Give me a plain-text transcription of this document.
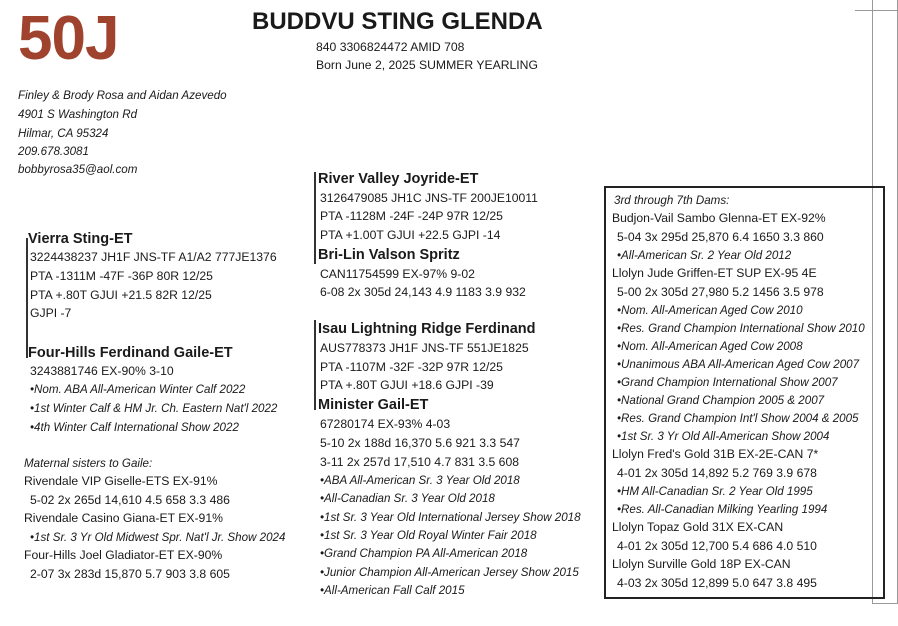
50J	BUDDVU STING GLENDA
840 3306824472 AMID 708
Born June 2, 2025 SUMMER YEARLING
Finley & Brody Rosa and Aidan Azevedo
4901 S Washington Rd
Hilmar, CA 95324
209.678.3081
bobbyrosa35@aol.com
Vierra Sting-ET
3224438237 JH1F JNS-TF A1/A2 777JE1376
PTA -1311M -47F -36P 80R 12/25
PTA +.80T GJUI +21.5 82R 12/25
GJPI -7
Four-Hills Ferdinand Gaile-ET
3243881746 EX-90% 3-10
•Nom. ABA All-American Winter Calf 2022
•1st Winter Calf & HM Jr. Ch. Eastern Nat'l 2022
•4th Winter Calf International Show 2022
Maternal sisters to Gaile:
Rivendale VIP Giselle-ETS EX-91%
5-02 2x 265d 14,610 4.5 658 3.3 486
Rivendale Casino Giana-ET EX-91%
•1st Sr. 3 Yr Old Midwest Spr. Nat'l Jr. Show 2024
Four-Hills Joel Gladiator-ET EX-90%
2-07 3x 283d 15,870 5.7 903 3.8 605
River Valley Joyride-ET
3126479085 JH1C JNS-TF 200JE10011
PTA -1128M -24F -24P 97R 12/25
PTA +1.00T GJUI +22.5 GJPI -14
Bri-Lin Valson Spritz
CAN11754599 EX-97% 9-02
6-08 2x 305d 24,143 4.9 1183 3.9 932
Isau Lightning Ridge Ferdinand
AUS778373 JH1F JNS-TF 551JE1825
PTA -1107M -32F -32P 97R 12/25
PTA +.80T GJUI +18.6 GJPI -39
Minister Gail-ET
67280174 EX-93% 4-03
5-10 2x 188d 16,370 5.6 921 3.3 547
3-11 2x 257d 17,510 4.7 831 3.5 608
•ABA All-American Sr. 3 Year Old 2018
•All-Canadian Sr. 3 Year Old 2018
•1st Sr. 3 Year Old International Jersey Show 2018
•1st Sr. 3 Year Old Royal Winter Fair 2018
•Grand Champion PA All-American 2018
•Junior Champion All-American Jersey Show 2015
•All-American Fall Calf 2015
3rd through 7th Dams:
Budjon-Vail Sambo Glenna-ET EX-92%
5-04 3x 295d 25,870 6.4 1650 3.3 860
•All-American Sr. 2 Year Old 2012
Llolyn Jude Griffen-ET SUP EX-95 4E
5-00 2x 305d 27,980 5.2 1456 3.5 978
•Nom. All-American Aged Cow 2010
•Res. Grand Champion International Show 2010
•Nom. All-American Aged Cow 2008
•Unanimous ABA All-American Aged Cow 2007
•Grand Champion International Show 2007
•National Grand Champion 2005 & 2007
•Res. Grand Champion Int'l Show 2004 & 2005
•1st Sr. 3 Yr Old All-American Show 2004
Llolyn Fred's Gold 31B EX-2E-CAN 7*
4-01 2x 305d 14,892 5.2 769 3.9 678
•HM All-Canadian Sr. 2 Year Old 1995
•Res. All-Canadian Milking Yearling 1994
Llolyn Topaz Gold 31X EX-CAN
4-01 2x 305d 12,700 5.4 686 4.0 510
Llolyn Surville Gold 18P EX-CAN
4-03 2x 305d 12,899 5.0 647 3.8 495
